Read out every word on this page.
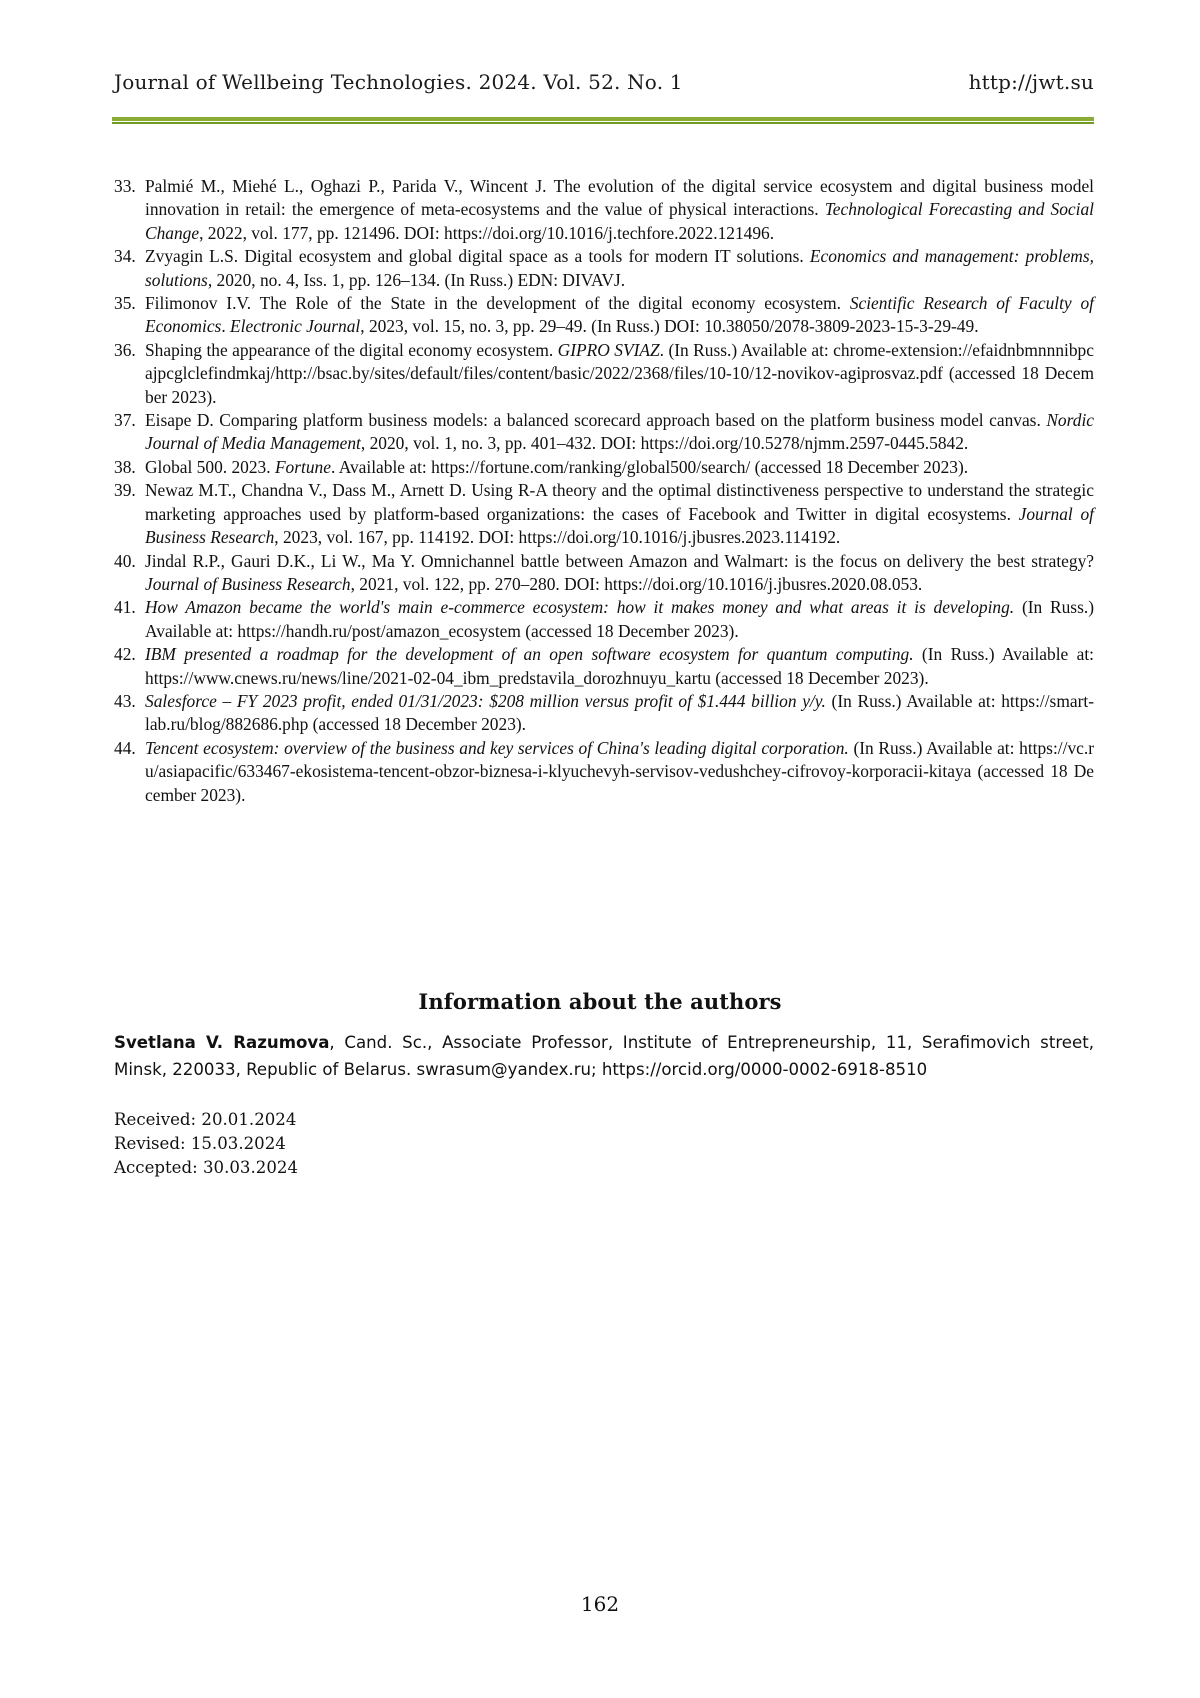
Journal of Wellbeing Technologies. 2024. Vol. 52. No. 1	http://jwt.su
33. Palmié M., Miehé L., Oghazi P., Parida V., Wincent J. The evolution of the digital service ecosystem and digital business model innovation in retail: the emergence of meta-ecosystems and the value of physical interactions. Technological Forecasting and Social Change, 2022, vol. 177, pp. 121496. DOI: https://doi.org/10.1016/j.techfore.2022.121496.
34. Zvyagin L.S. Digital ecosystem and global digital space as a tools for modern IT solutions. Economics and management: problems, solutions, 2020, no. 4, Iss. 1, pp. 126–134. (In Russ.) EDN: DIVAVJ.
35. Filimonov I.V. The Role of the State in the development of the digital economy ecosystem. Scientific Research of Faculty of Economics. Electronic Journal, 2023, vol. 15, no. 3, pp. 29–49. (In Russ.) DOI: 10.38050/2078-3809-2023-15-3-29-49.
36. Shaping the appearance of the digital economy ecosystem. GIPRO SVIAZ. (In Russ.) Available at: chrome-extension://efaidnbmnnnibpcajpcglclefindmkaj/http://bsac.by/sites/default/files/content/basic/2022/2368/files/10-10/12-novikov-agiprosvaz.pdf (accessed 18 December 2023).
37. Eisape D. Comparing platform business models: a balanced scorecard approach based on the platform business model canvas. Nordic Journal of Media Management, 2020, vol. 1, no. 3, pp. 401–432. DOI: https://doi.org/10.5278/njmm.2597-0445.5842.
38. Global 500. 2023. Fortune. Available at: https://fortune.com/ranking/global500/search/ (accessed 18 December 2023).
39. Newaz M.T., Chandna V., Dass M., Arnett D. Using R-A theory and the optimal distinctiveness perspective to understand the strategic marketing approaches used by platform-based organizations: the cases of Facebook and Twitter in digital ecosystems. Journal of Business Research, 2023, vol. 167, pp. 114192. DOI: https://doi.org/10.1016/j.jbusres.2023.114192.
40. Jindal R.P., Gauri D.K., Li W., Ma Y. Omnichannel battle between Amazon and Walmart: is the focus on delivery the best strategy? Journal of Business Research, 2021, vol. 122, pp. 270–280. DOI: https://doi.org/10.1016/j.jbusres.2020.08.053.
41. How Amazon became the world's main e-commerce ecosystem: how it makes money and what areas it is developing. (In Russ.) Available at: https://handh.ru/post/amazon_ecosystem (accessed 18 December 2023).
42. IBM presented a roadmap for the development of an open software ecosystem for quantum computing. (In Russ.) Available at: https://www.cnews.ru/news/line/2021-02-04_ibm_predstavila_dorozhnuyu_kartu (accessed 18 December 2023).
43. Salesforce – FY 2023 profit, ended 01/31/2023: $208 million versus profit of $1.444 billion y/y. (In Russ.) Available at: https://smart-lab.ru/blog/882686.php (accessed 18 December 2023).
44. Tencent ecosystem: overview of the business and key services of China's leading digital corporation. (In Russ.) Available at: https://vc.ru/asiapacific/633467-ekosistema-tencent-obzor-biznesa-i-klyuchevyh-servisov-vedushchey-cifrovoy-korporacii-kitaya (accessed 18 December 2023).
Information about the authors
Svetlana V. Razumova, Cand. Sc., Associate Professor, Institute of Entrepreneurship, 11, Serafimovich street, Minsk, 220033, Republic of Belarus. swrasum@yandex.ru; https://orcid.org/0000-0002-6918-8510
Received: 20.01.2024
Revised: 15.03.2024
Accepted: 30.03.2024
162
